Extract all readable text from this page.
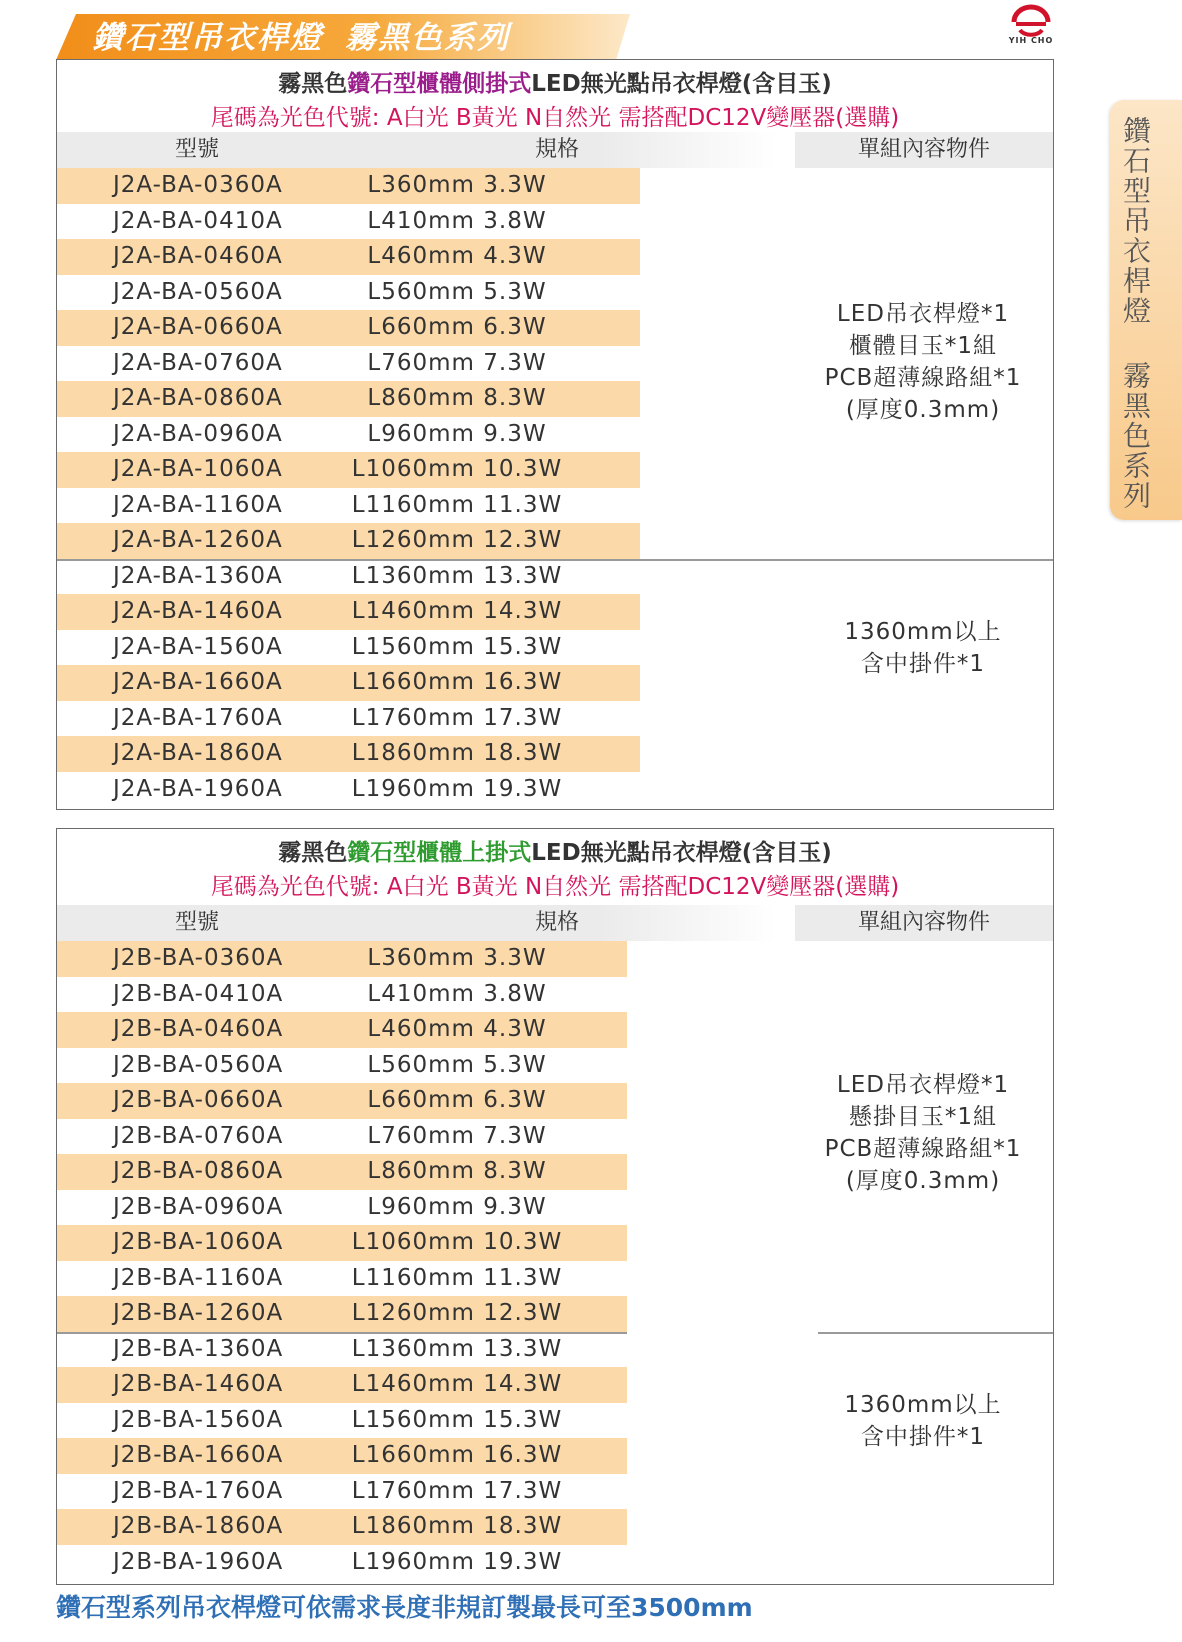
鑽石型吊衣桿燈 霧黑色系列	YIH CHO
鑽石型吊衣桿燈 霧黑色系列
霧黑色鑽石型櫃體側掛式LED無光點吊衣桿燈(含目玉)
尾碼為光色代號: A白光 B黃光 N自然光 需搭配DC12V變壓器(選購)
型號	規格	單組內容物件
J2A-BA-0360A	L360mm 3.3W
J2A-BA-0410A	L410mm 3.8W
J2A-BA-0460A	L460mm 4.3W
J2A-BA-0560A	L560mm 5.3W
J2A-BA-0660A	L660mm 6.3W
J2A-BA-0760A	L760mm 7.3W
J2A-BA-0860A	L860mm 8.3W
J2A-BA-0960A	L960mm 9.3W
J2A-BA-1060A	L1060mm 10.3W
J2A-BA-1160A	L1160mm 11.3W
J2A-BA-1260A	L1260mm 12.3W
J2A-BA-1360A	L1360mm 13.3W
J2A-BA-1460A	L1460mm 14.3W
J2A-BA-1560A	L1560mm 15.3W
J2A-BA-1660A	L1660mm 16.3W
J2A-BA-1760A	L1760mm 17.3W
J2A-BA-1860A	L1860mm 18.3W
J2A-BA-1960A	L1960mm 19.3W
LED吊衣桿燈*1
櫃體目玉*1組
PCB超薄線路組*1
(厚度0.3mm)
1360mm以上
含中掛件*1
霧黑色鑽石型櫃體上掛式LED無光點吊衣桿燈(含目玉)
尾碼為光色代號: A白光 B黃光 N自然光 需搭配DC12V變壓器(選購)
型號	規格	單組內容物件
J2B-BA-0360A	L360mm 3.3W
J2B-BA-0410A	L410mm 3.8W
J2B-BA-0460A	L460mm 4.3W
J2B-BA-0560A	L560mm 5.3W
J2B-BA-0660A	L660mm 6.3W
J2B-BA-0760A	L760mm 7.3W
J2B-BA-0860A	L860mm 8.3W
J2B-BA-0960A	L960mm 9.3W
J2B-BA-1060A	L1060mm 10.3W
J2B-BA-1160A	L1160mm 11.3W
J2B-BA-1260A	L1260mm 12.3W
J2B-BA-1360A	L1360mm 13.3W
J2B-BA-1460A	L1460mm 14.3W
J2B-BA-1560A	L1560mm 15.3W
J2B-BA-1660A	L1660mm 16.3W
J2B-BA-1760A	L1760mm 17.3W
J2B-BA-1860A	L1860mm 18.3W
J2B-BA-1960A	L1960mm 19.3W
LED吊衣桿燈*1
懸掛目玉*1組
PCB超薄線路組*1
(厚度0.3mm)
1360mm以上
含中掛件*1
鑽石型系列吊衣桿燈可依需求長度非規訂製最長可至3500mm
